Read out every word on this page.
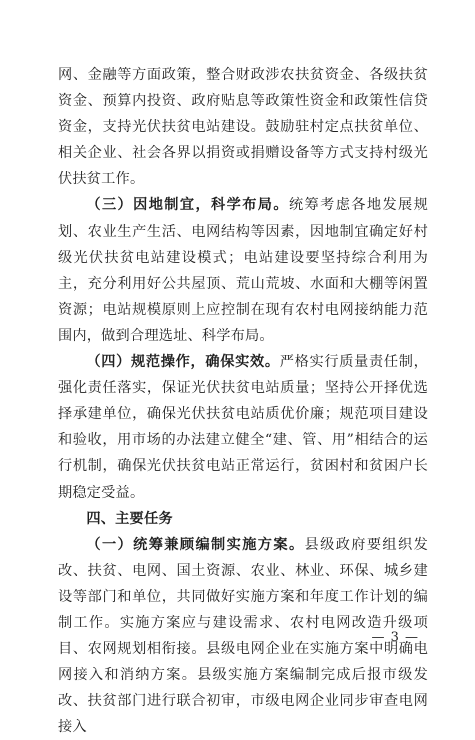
网、金融等方面政策，整合财政涉农扶贫资金、各级扶贫资金、预算内投资、政府贴息等政策性资金和政策性信贷资金，支持光伏扶贫电站建设。鼓励驻村定点扶贫单位、相关企业、社会各界以捐资或捐赠设备等方式支持村级光伏扶贫工作。

（三）因地制宜，科学布局。统筹考虑各地发展规划、农业生产生活、电网结构等因素，因地制宜确定好村级光伏扶贫电站建设模式；电站建设要坚持综合利用为主，充分利用好公共屋顶、荒山荒坡、水面和大棚等闲置资源；电站规模原则上应控制在现有农村电网接纳能力范围内，做到合理选址、科学布局。

（四）规范操作，确保实效。严格实行质量责任制，强化责任落实，保证光伏扶贫电站质量；坚持公开择优选择承建单位，确保光伏扶贫电站质优价廉；规范项目建设和验收，用市场的办法建立健全“建、管、用”相结合的运行机制，确保光伏扶贫电站正常运行，贫困村和贫困户长期稳定受益。

四、主要任务

（一）统筹兼顾编制实施方案。县级政府要组织发改、扶贫、电网、国土资源、农业、林业、环保、城乡建设等部门和单位，共同做好实施方案和年度工作计划的编制工作。实施方案应与建设需求、农村电网改造升级项目、农网规划相衔接。县级电网企业在实施方案中明确电网接入和消纳方案。县级实施方案编制完成后报市级发改、扶贫部门进行联合初审，市级电网企业同步审查电网接入

— 3 —
